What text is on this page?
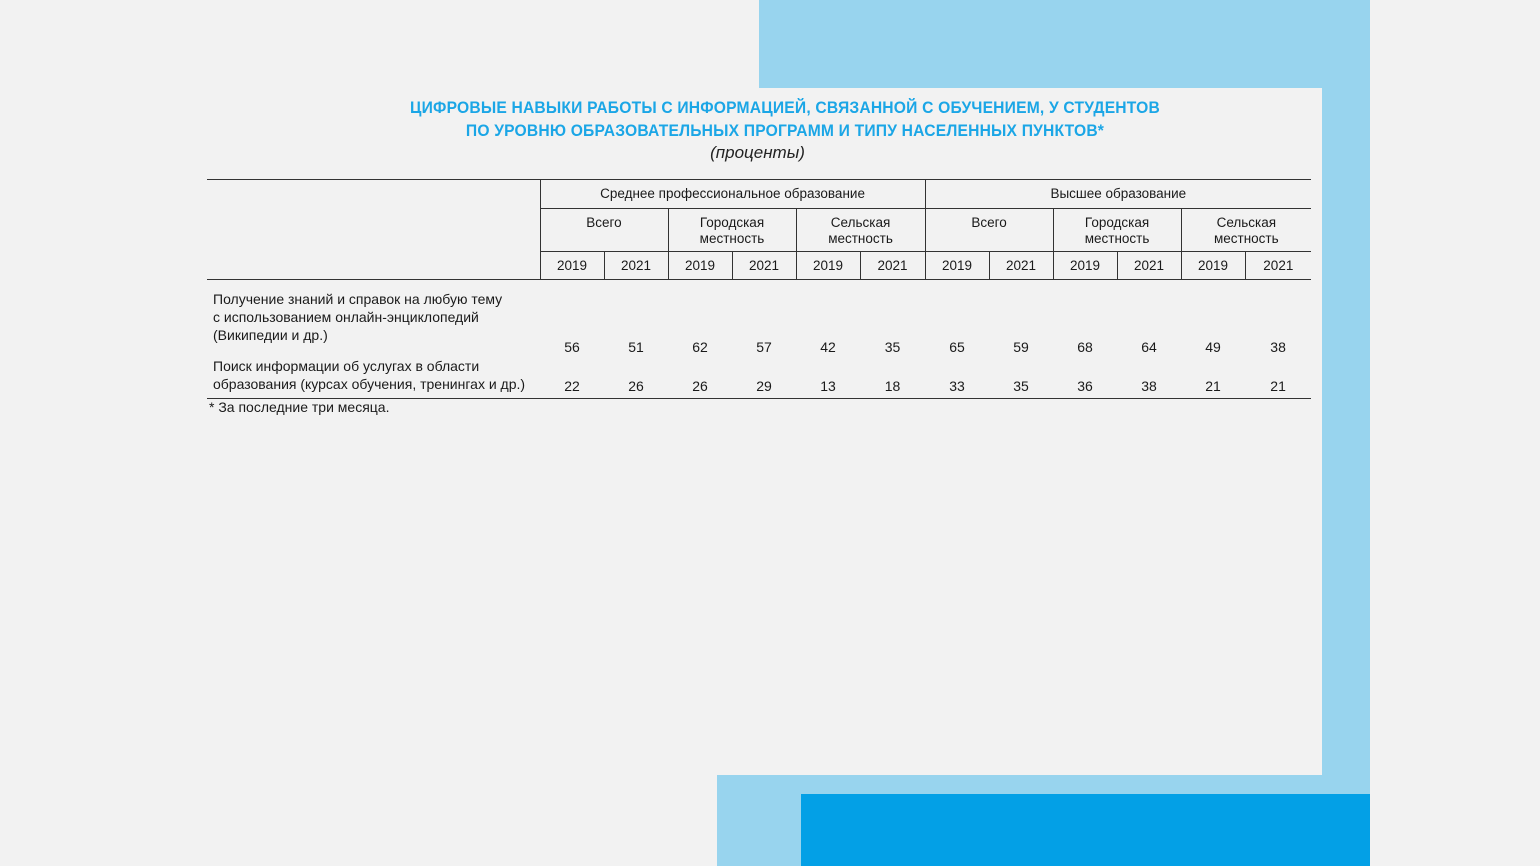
ЦИФРОВЫЕ НАВЫКИ РАБОТЫ С ИНФОРМАЦИЕЙ, СВЯЗАННОЙ С ОБУЧЕНИЕМ, У СТУДЕНТОВ
ПО УРОВНЮ ОБРАЗОВАТЕЛЬНЫХ ПРОГРАММ И ТИПУ НАСЕЛЕННЫХ ПУНКТОВ*
(проценты)
	Среднее профессиональное образование						Высшее образование					
	Всего		Городская местность		Сельская местность		Всего		Городская местность		Сельская местность	
	2019	2021	2019	2021	2019	2021	2019	2021	2019	2021	2019	2021

Получение знаний и справок на любую тему
с использованием онлайн-энциклопедий
(Википедии и др.)	56	51	62	57	42	35	65	59	68	64	49	38

Поиск информации об услугах в области
образования (курсах обучения, тренингах и др.)	22	26	26	29	13	18	33	35	36	38	21	21
* За последние три месяца.
